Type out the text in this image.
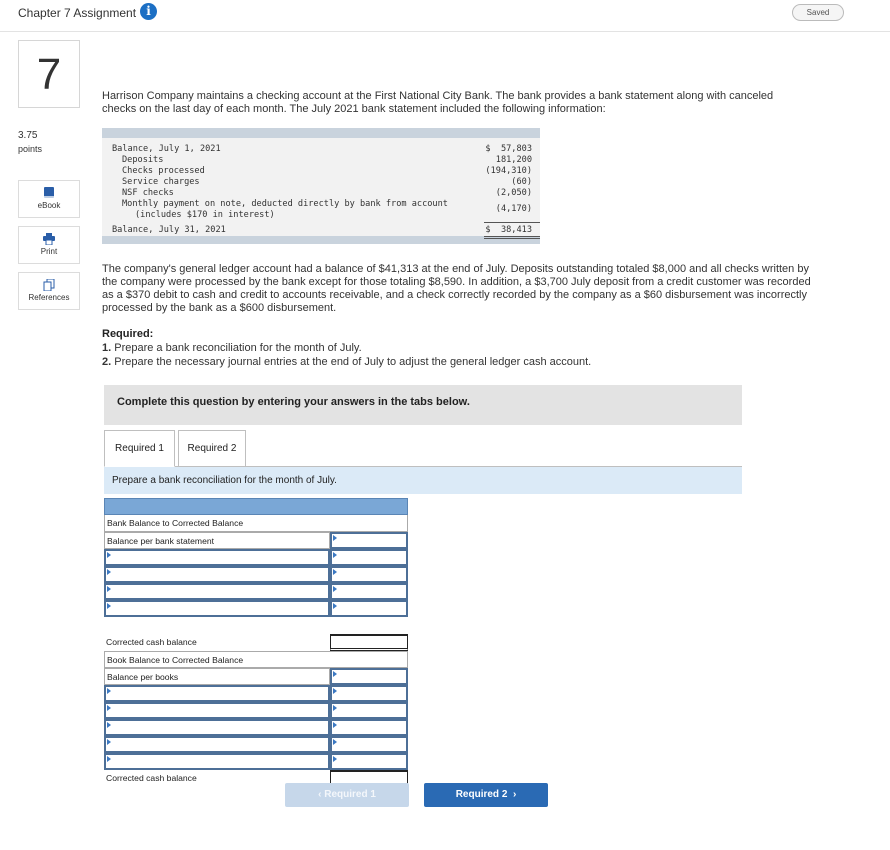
Chapter 7 Assignment i	Saved
7
3.75
points
eBook
Print
References
Harrison Company maintains a checking account at the First National City Bank. The bank provides a bank statement along with canceled checks on the last day of each month. The July 2021 bank statement included the following information:
Balance, July 1, 2021	$  57,803
Deposits	181,200
Checks processed	(194,310)
Service charges	(60)
NSF checks	(2,050)
Monthly payment on note, deducted directly by bank from account	(4,170)
(includes $170 in interest)
Balance, July 31, 2021	$  38,413
The company's general ledger account had a balance of $41,313 at the end of July. Deposits outstanding totaled $8,000 and all checks written by the company were processed by the bank except for those totaling $8,590. In addition, a $3,700 July deposit from a credit customer was recorded as a $370 debit to cash and credit to accounts receivable, and a check correctly recorded by the company as a $60 disbursement was incorrectly processed by the bank as a $600 disbursement.
Required:
1. Prepare a bank reconciliation for the month of July.
2. Prepare the necessary journal entries at the end of July to adjust the general ledger cash account.
Complete this question by entering your answers in the tabs below.
Required 1	Required 2
Prepare a bank reconciliation for the month of July.
Bank Balance to Corrected Balance
Balance per bank statement
Corrected cash balance
Book Balance to Corrected Balance
Balance per books
Corrected cash balance
‹ Required 1	Required 2  ›
